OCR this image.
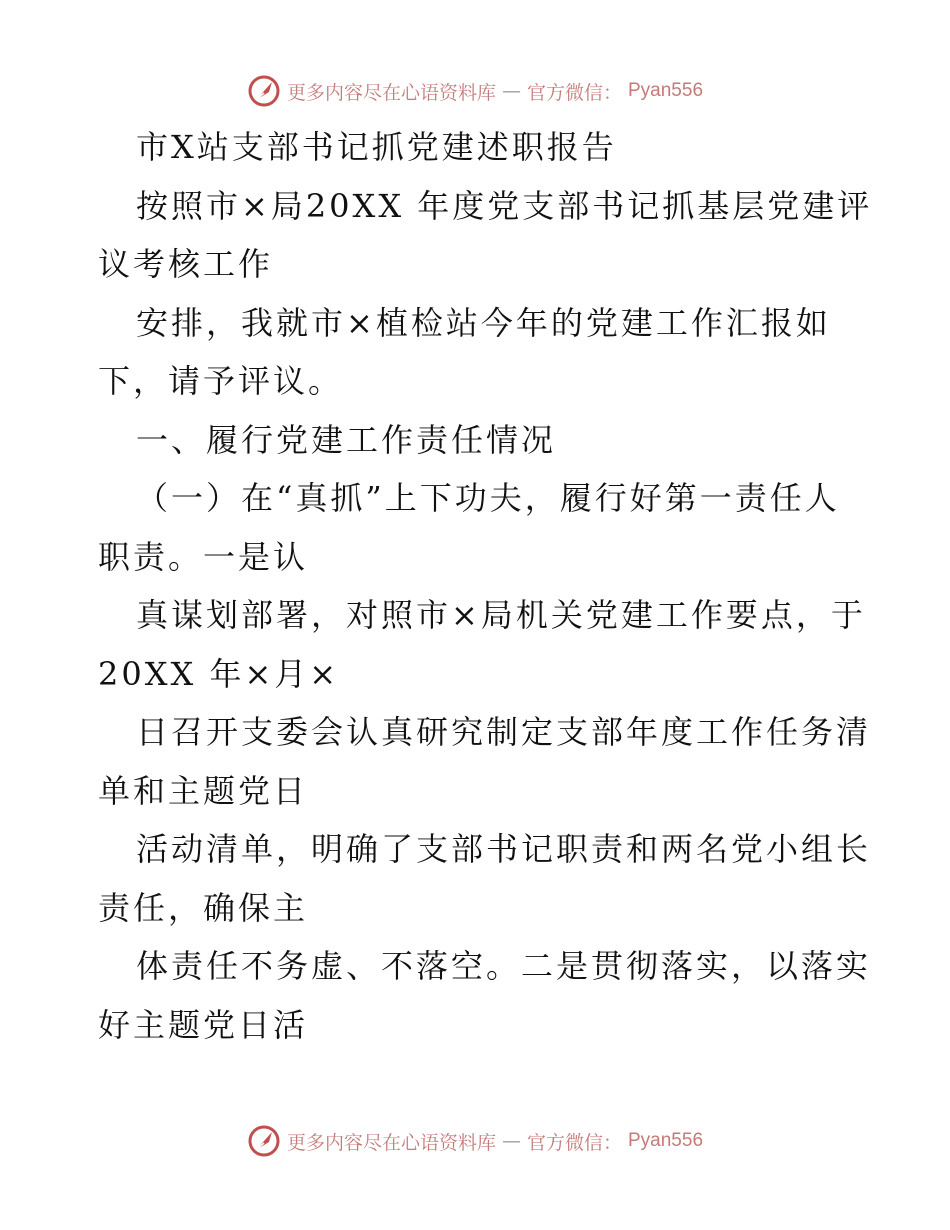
更多内容尽在心语资料库 — 官方微信： Pyan556
市X站支部书记抓党建述职报告
按照市×局20XX 年度党支部书记抓基层党建评
议考核工作
安排，我就市×植检站今年的党建工作汇报如
下，请予评议。
一、履行党建工作责任情况
（一）在“真抓”上下功夫，履行好第一责任人
职责。一是认
真谋划部署，对照市×局机关党建工作要点，于
20XX 年×月×
日召开支委会认真研究制定支部年度工作任务清
单和主题党日
活动清单，明确了支部书记职责和两名党小组长
责任，确保主
体责任不务虚、不落空。二是贯彻落实，以落实
好主题党日活
更多内容尽在心语资料库 — 官方微信： Pyan556
